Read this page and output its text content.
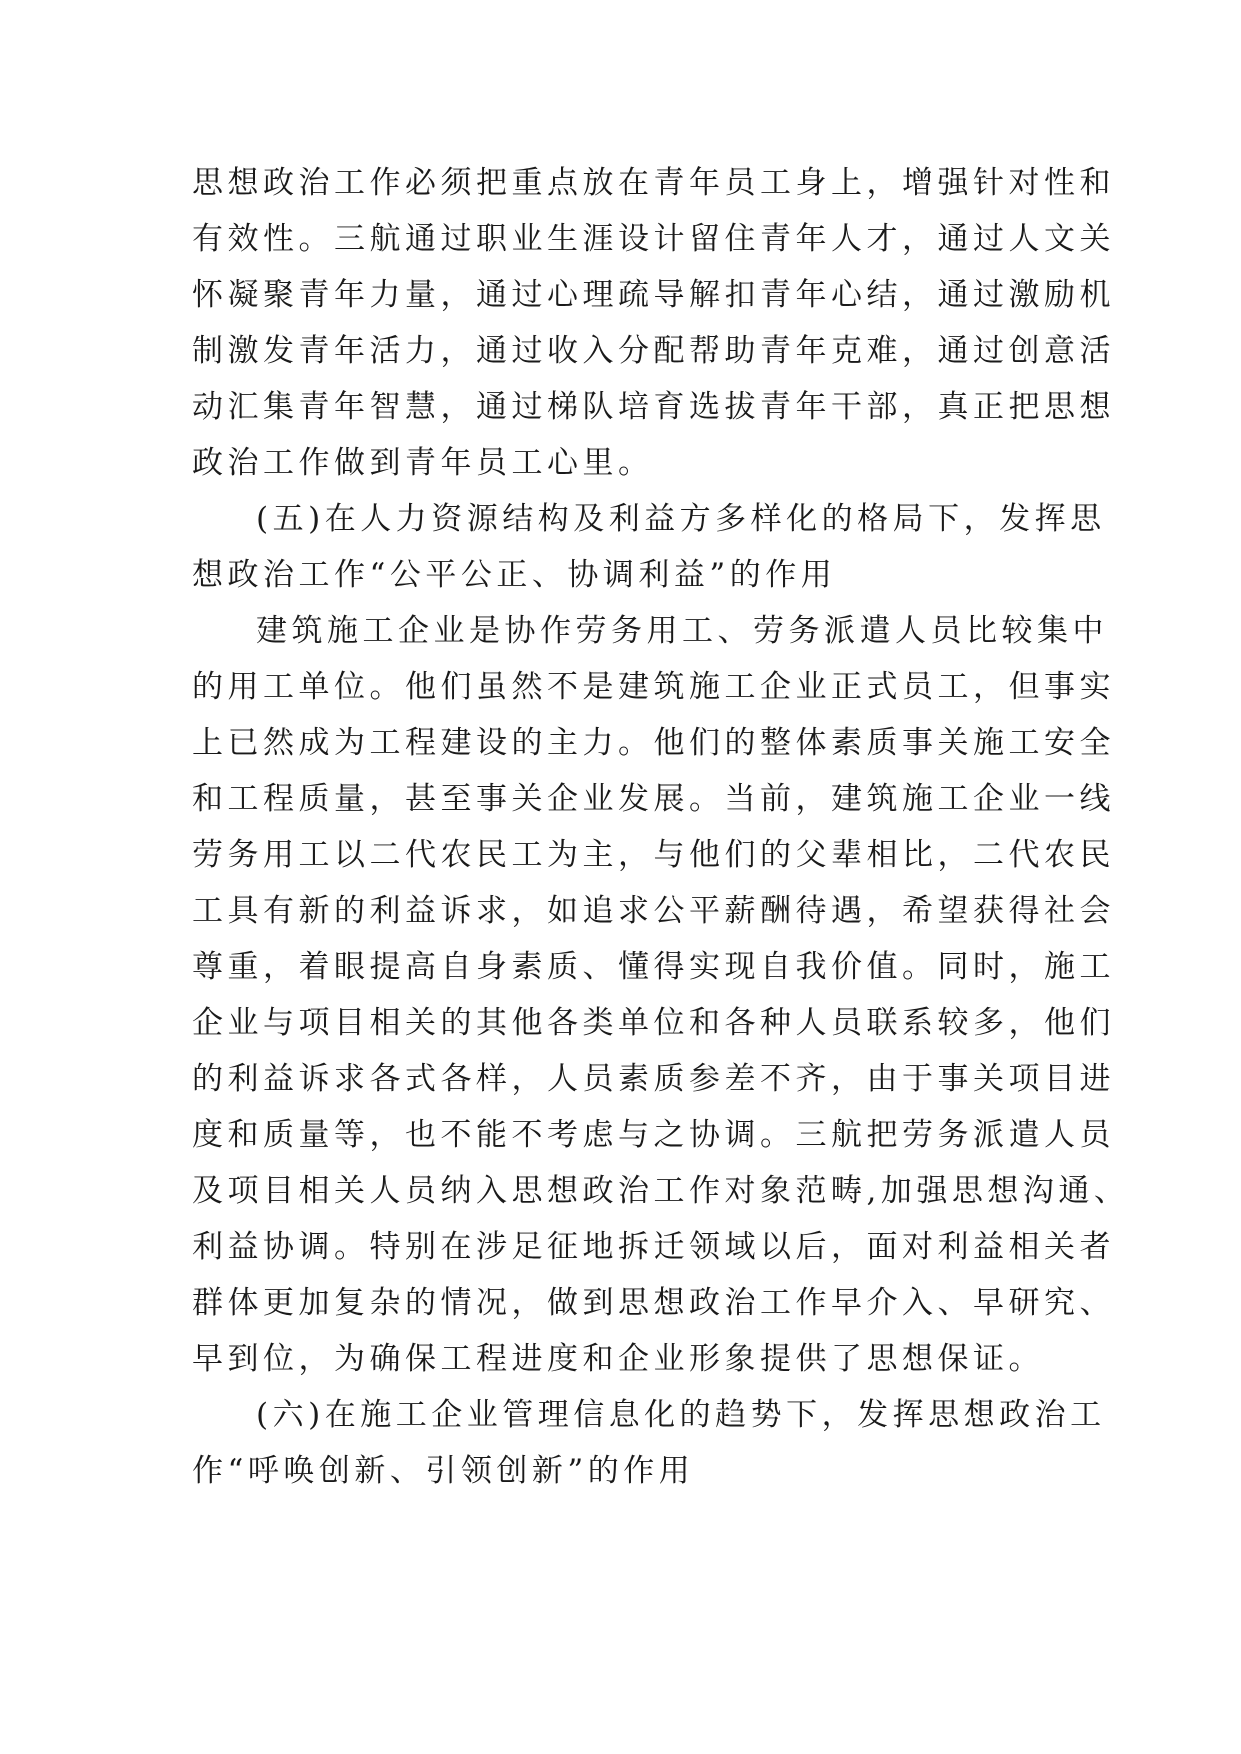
思想政治工作必须把重点放在青年员工身上，增强针对性和
有效性。三航通过职业生涯设计留住青年人才，通过人文关
怀凝聚青年力量，通过心理疏导解扣青年心结，通过激励机
制激发青年活力，通过收入分配帮助青年克难，通过创意活
动汇集青年智慧，通过梯队培育选拔青年干部，真正把思想
政治工作做到青年员工心里。
(五)在人力资源结构及利益方多样化的格局下，发挥思
想政治工作“公平公正、协调利益”的作用
建筑施工企业是协作劳务用工、劳务派遣人员比较集中
的用工单位。他们虽然不是建筑施工企业正式员工，但事实
上已然成为工程建设的主力。他们的整体素质事关施工安全
和工程质量，甚至事关企业发展。当前，建筑施工企业一线
劳务用工以二代农民工为主，与他们的父辈相比，二代农民
工具有新的利益诉求，如追求公平薪酬待遇，希望获得社会
尊重，着眼提高自身素质、懂得实现自我价值。同时，施工
企业与项目相关的其他各类单位和各种人员联系较多，他们
的利益诉求各式各样，人员素质参差不齐，由于事关项目进
度和质量等，也不能不考虑与之协调。三航把劳务派遣人员
及项目相关人员纳入思想政治工作对象范畴,加强思想沟通、
利益协调。特别在涉足征地拆迁领域以后，面对利益相关者
群体更加复杂的情况，做到思想政治工作早介入、早研究、
早到位，为确保工程进度和企业形象提供了思想保证。
(六)在施工企业管理信息化的趋势下，发挥思想政治工
作“呼唤创新、引领创新”的作用
